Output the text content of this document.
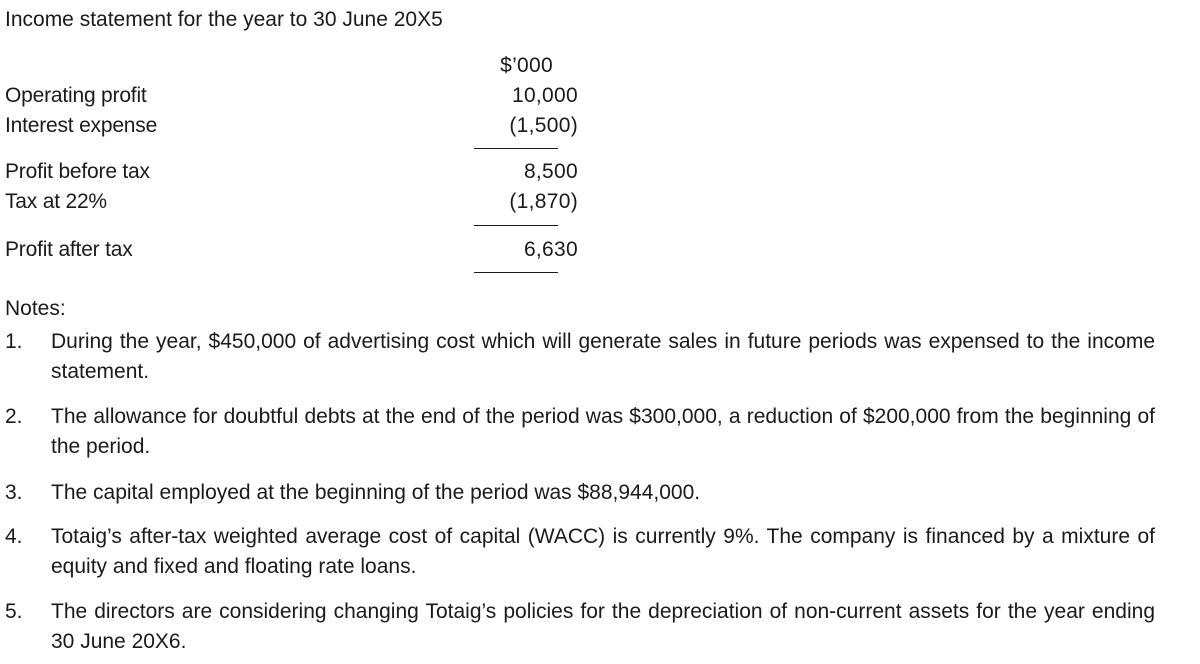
Income statement for the year to 30 June 20X5
$’000
Operating profit	10,000
Interest expense	(1,500)
Profit before tax	8,500
Tax at 22%	(1,870)
Profit after tax	6,630
Notes:
1.	During the year, $450,000 of advertising cost which will generate sales in future periods was expensed to the income statement.
2.	The allowance for doubtful debts at the end of the period was $300,000, a reduction of $200,000 from the beginning of the period.
3.	The capital employed at the beginning of the period was $88,944,000.
4.	Totaig’s after-tax weighted average cost of capital (WACC) is currently 9%. The company is financed by a mixture of equity and fixed and floating rate loans.
5.	The directors are considering changing Totaig’s policies for the depreciation of non-current assets for the year ending 30 June 20X6.
